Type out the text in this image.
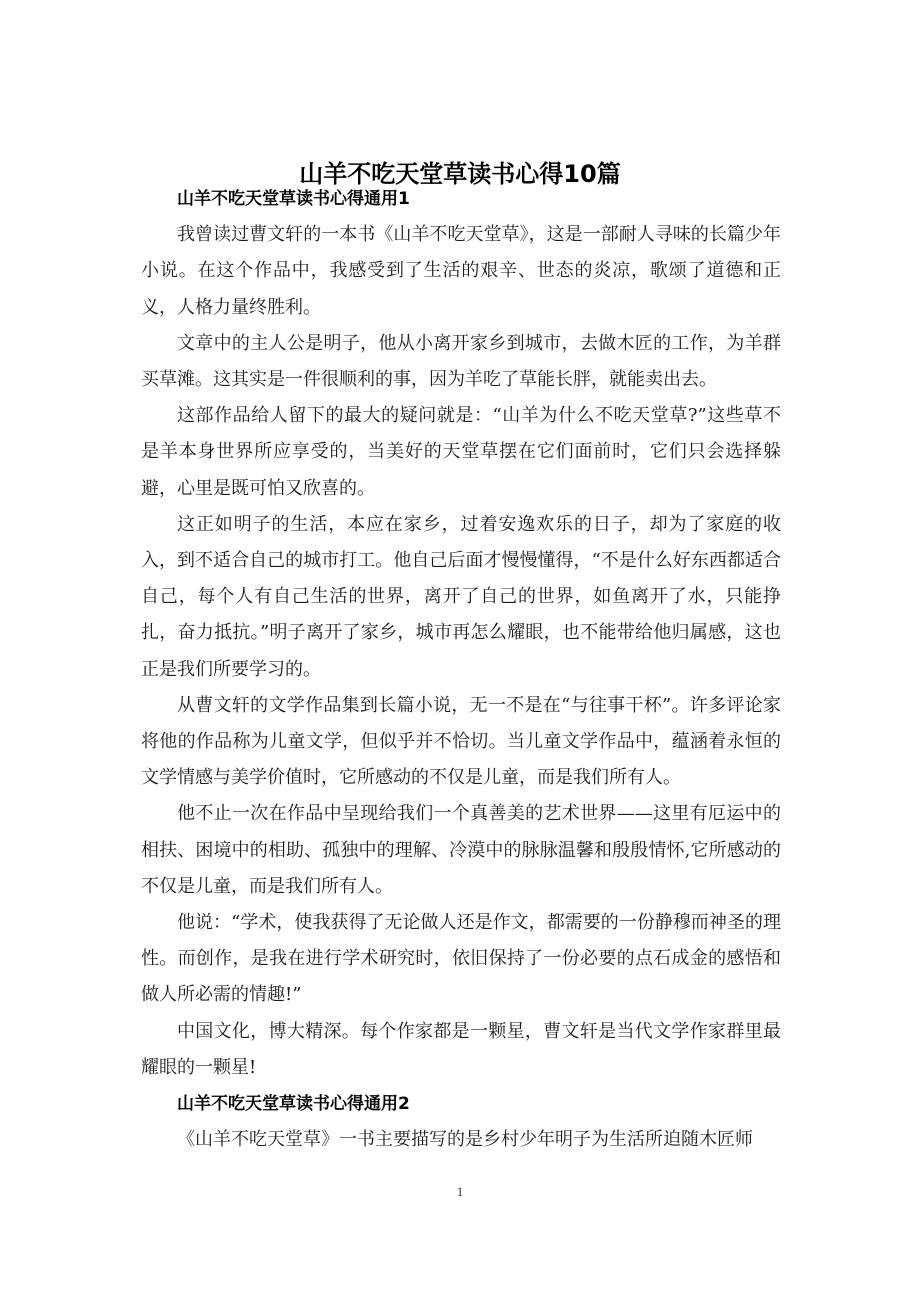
山羊不吃天堂草读书心得10篇
山羊不吃天堂草读书心得通用1

我曾读过曹文轩的一本书《山羊不吃天堂草》，这是一部耐人寻味的长篇少年小说。在这个作品中，我感受到了生活的艰辛、世态的炎凉，歌颂了道德和正义，人格力量终胜利。

文章中的主人公是明子，他从小离开家乡到城市，去做木匠的工作，为羊群买草滩。这其实是一件很顺利的事，因为羊吃了草能长胖，就能卖出去。

这部作品给人留下的最大的疑问就是：“山羊为什么不吃天堂草?”这些草不是羊本身世界所应享受的，当美好的天堂草摆在它们面前时，它们只会选择躲避，心里是既可怕又欣喜的。

这正如明子的生活，本应在家乡，过着安逸欢乐的日子，却为了家庭的收入，到不适合自己的城市打工。他自己后面才慢慢懂得，“不是什么好东西都适合自己，每个人有自己生活的世界，离开了自己的世界，如鱼离开了水，只能挣扎，奋力抵抗。”明子离开了家乡，城市再怎么耀眼，也不能带给他归属感，这也正是我们所要学习的。

从曹文轩的文学作品集到长篇小说，无一不是在“与往事干杯”。许多评论家将他的作品称为儿童文学，但似乎并不恰切。当儿童文学作品中，蕴涵着永恒的文学情感与美学价值时，它所感动的不仅是儿童，而是我们所有人。

他不止一次在作品中呈现给我们一个真善美的艺术世界——这里有厄运中的相扶、困境中的相助、孤独中的理解、冷漠中的脉脉温馨和殷殷情怀,它所感动的不仅是儿童，而是我们所有人。

他说：“学术，使我获得了无论做人还是作文，都需要的一份静穆而神圣的理性。而创作，是我在进行学术研究时，依旧保持了一份必要的点石成金的感悟和做人所必需的情趣!”

中国文化，博大精深。每个作家都是一颗星，曹文轩是当代文学作家群里最耀眼的一颗星!

山羊不吃天堂草读书心得通用2

《山羊不吃天堂草》一书主要描写的是乡村少年明子为生活所迫随木匠师

1
